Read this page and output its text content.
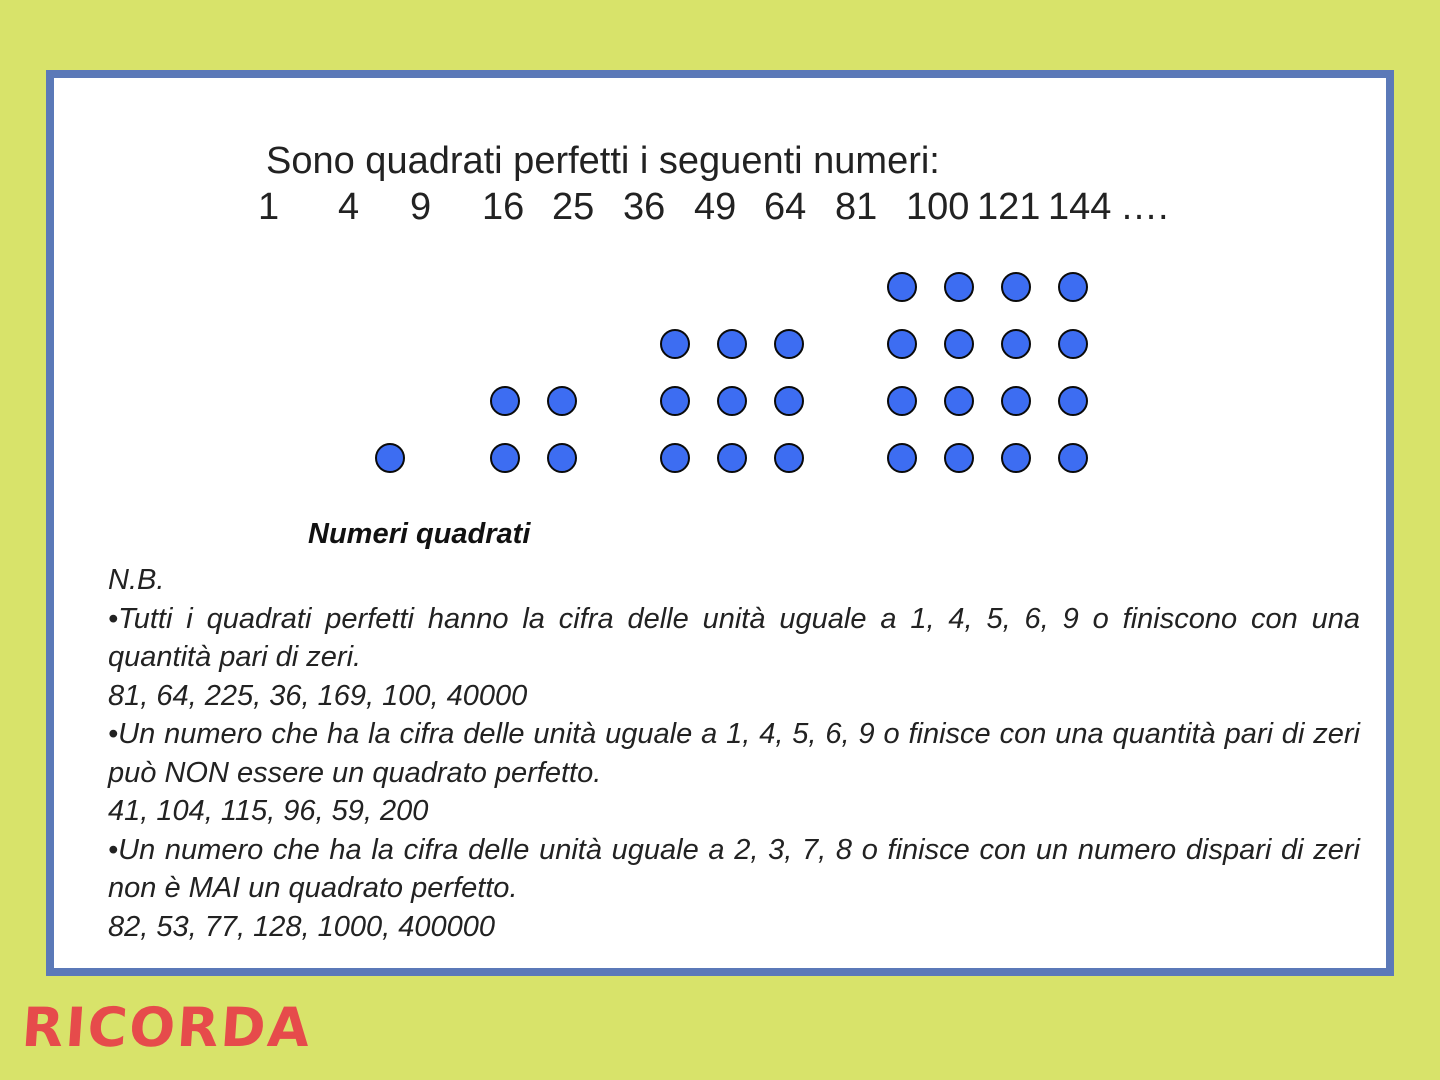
Sono quadrati perfetti i seguenti numeri:
1 4 9 16 25 36 49 64 81 100 121 144 ….
Numeri quadrati

N.B.

•Tutti i quadrati perfetti hanno la cifra delle unità uguale a 1, 4, 5, 6, 9 o finiscono con una quantità pari di zeri.

81, 64, 225, 36, 169, 100, 40000

•Un numero che ha la cifra delle unità uguale a 1, 4, 5, 6, 9 o finisce con una quantità pari di zeri può NON essere un quadrato perfetto.

41, 104, 115, 96, 59, 200

•Un numero che ha la cifra delle unità uguale a 2, 3, 7, 8 o finisce con un numero dispari di zeri non è MAI un quadrato perfetto.

82, 53, 77, 128, 1000, 400000

RICORDA
